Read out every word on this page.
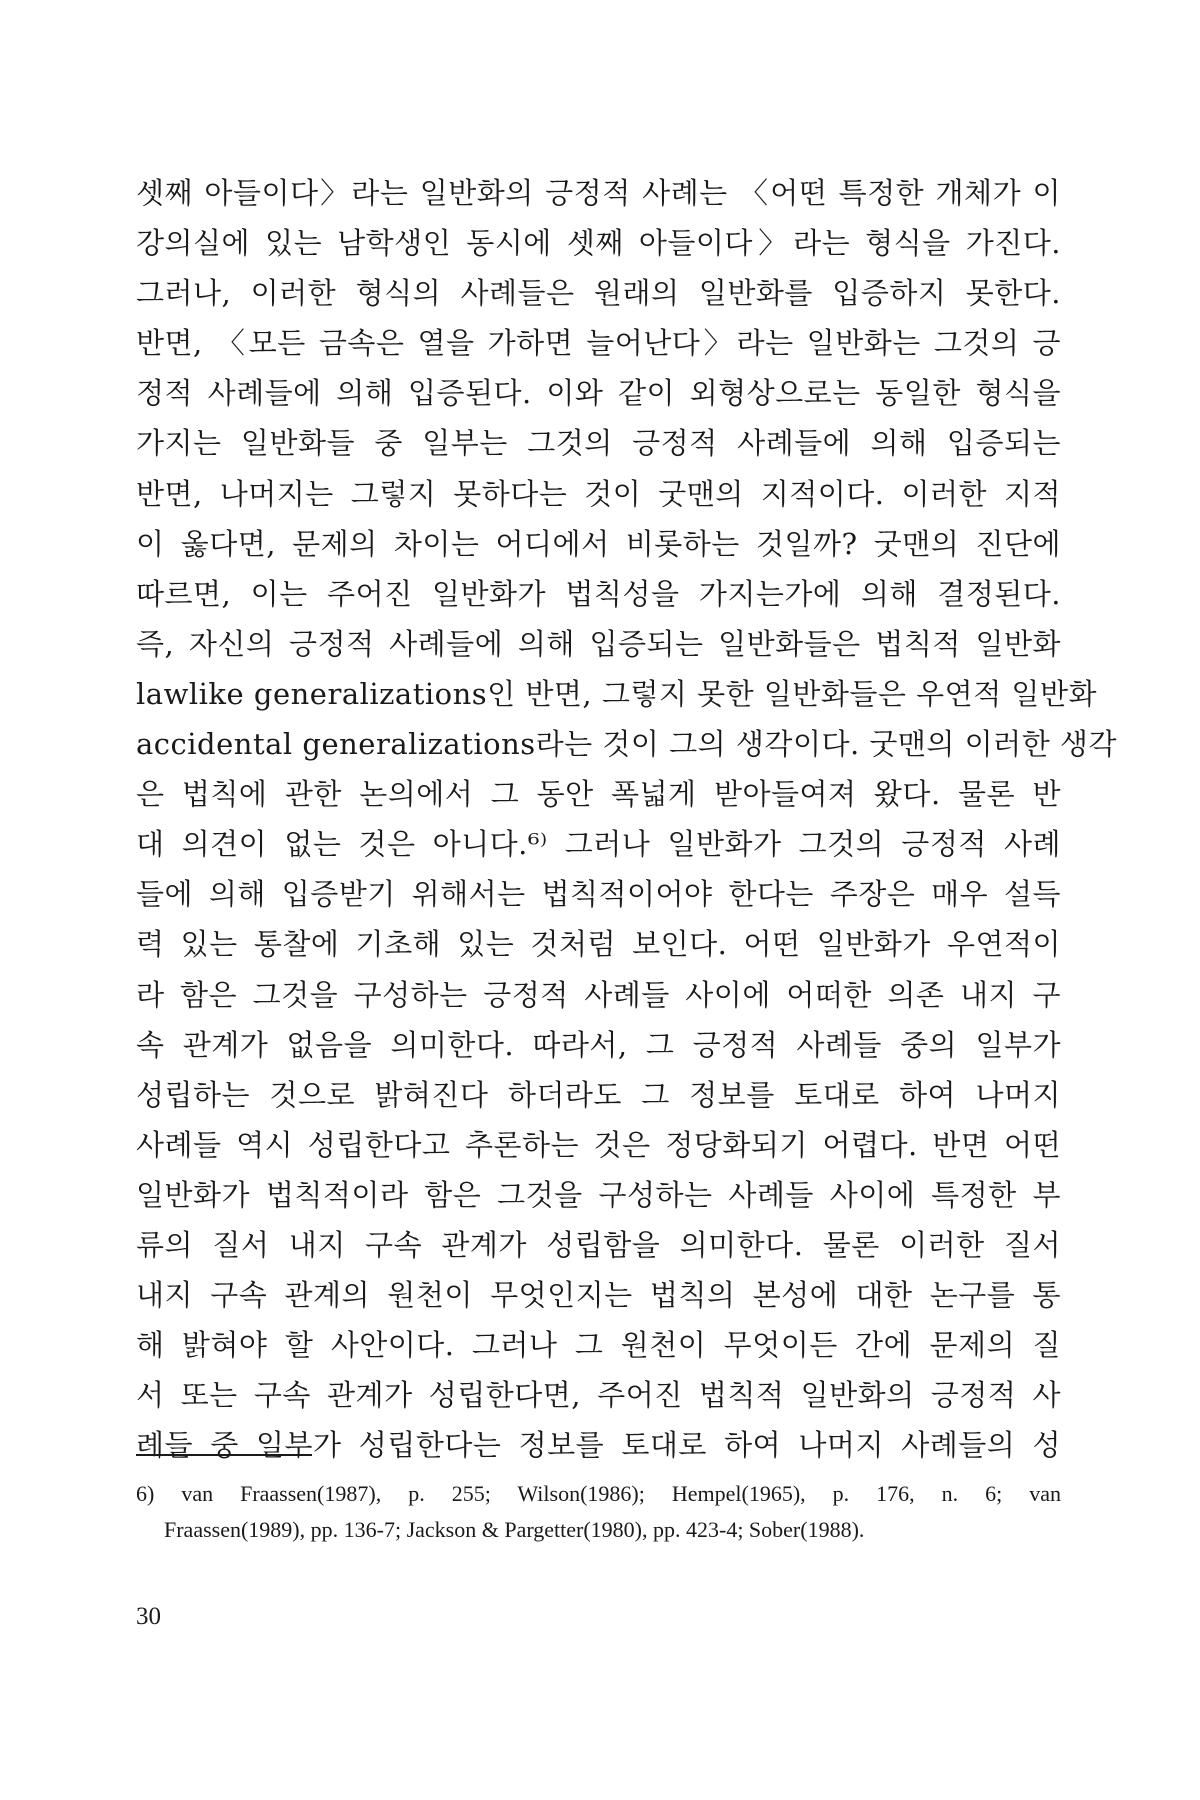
셋째 아들이다〉라는 일반화의 긍정적 사례는 〈어떤 특정한 개체가 이
강의실에 있는 남학생인 동시에 셋째 아들이다〉라는 형식을 가진다.
그러나, 이러한 형식의 사례들은 원래의 일반화를 입증하지 못한다.
반면, 〈모든 금속은 열을 가하면 늘어난다〉라는 일반화는 그것의 긍
정적 사례들에 의해 입증된다. 이와 같이 외형상으로는 동일한 형식을
가지는 일반화들 중 일부는 그것의 긍정적 사례들에 의해 입증되는
반면, 나머지는 그렇지 못하다는 것이 굿맨의 지적이다. 이러한 지적
이 옳다면, 문제의 차이는 어디에서 비롯하는 것일까? 굿맨의 진단에
따르면, 이는 주어진 일반화가 법칙성을 가지는가에 의해 결정된다.
즉, 자신의 긍정적 사례들에 의해 입증되는 일반화들은 법칙적 일반화
lawlike generalizations인 반면, 그렇지 못한 일반화들은 우연적 일반화
accidental generalizations라는 것이 그의 생각이다. 굿맨의 이러한 생각
은 법칙에 관한 논의에서 그 동안 폭넓게 받아들여져 왔다. 물론 반
대 의견이 없는 것은 아니다.⁶⁾ 그러나 일반화가 그것의 긍정적 사례
들에 의해 입증받기 위해서는 법칙적이어야 한다는 주장은 매우 설득
력 있는 통찰에 기초해 있는 것처럼 보인다. 어떤 일반화가 우연적이
라 함은 그것을 구성하는 긍정적 사례들 사이에 어떠한 의존 내지 구
속 관계가 없음을 의미한다. 따라서, 그 긍정적 사례들 중의 일부가
성립하는 것으로 밝혀진다 하더라도 그 정보를 토대로 하여 나머지
사례들 역시 성립한다고 추론하는 것은 정당화되기 어렵다. 반면 어떤
일반화가 법칙적이라 함은 그것을 구성하는 사례들 사이에 특정한 부
류의 질서 내지 구속 관계가 성립함을 의미한다. 물론 이러한 질서
내지 구속 관계의 원천이 무엇인지는 법칙의 본성에 대한 논구를 통
해 밝혀야 할 사안이다. 그러나 그 원천이 무엇이든 간에 문제의 질
서 또는 구속 관계가 성립한다면, 주어진 법칙적 일반화의 긍정적 사
례들 중 일부가 성립한다는 정보를 토대로 하여 나머지 사례들의 성
6) van Fraassen(1987), p. 255; Wilson(1986); Hempel(1965), p. 176, n. 6; van
Fraassen(1989), pp. 136-7; Jackson & Pargetter(1980), pp. 423-4; Sober(1988).
30
